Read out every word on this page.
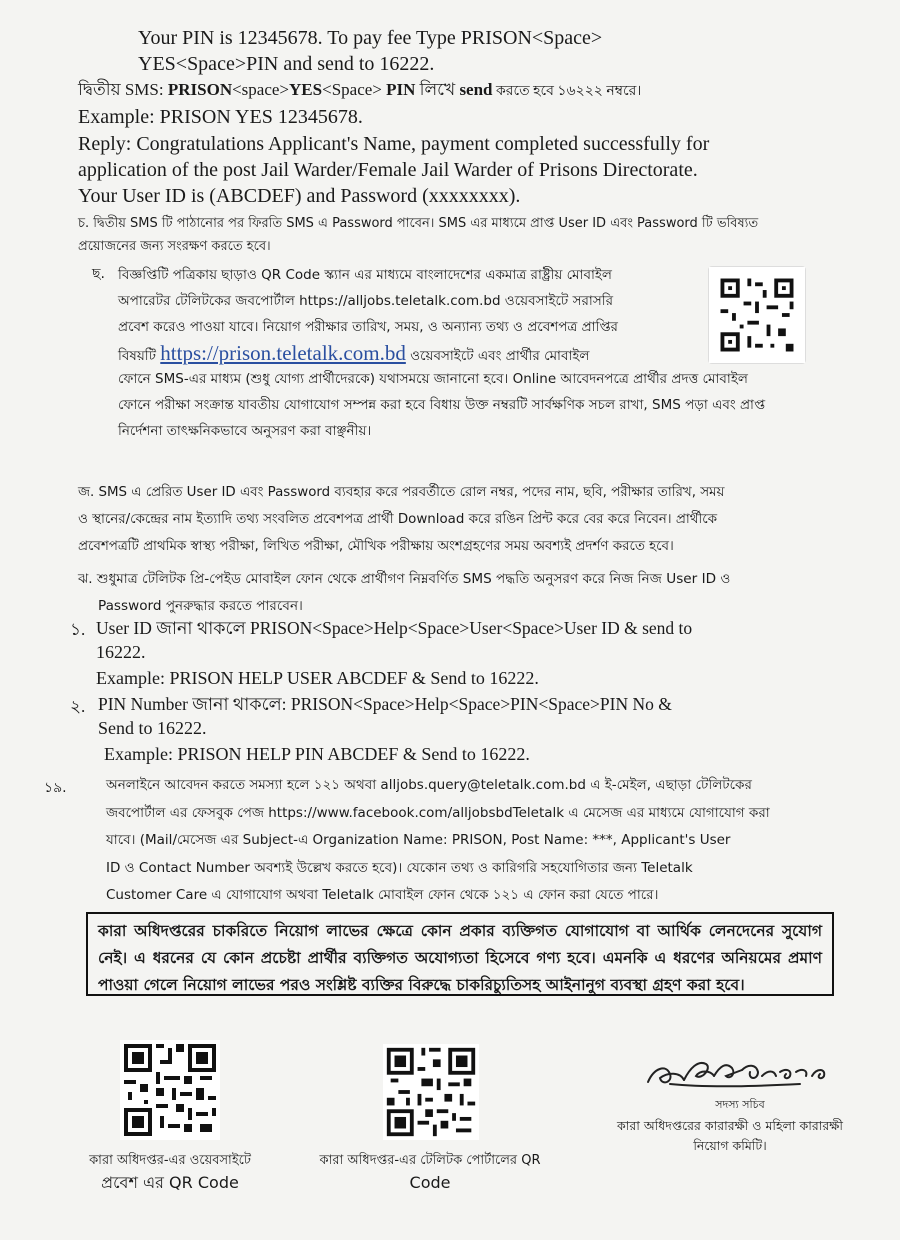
Your PIN is 12345678. To pay fee Type PRISON<Space>
YES<Space>PIN and send to 16222.
দ্বিতীয় SMS: PRISON<space>YES<Space> PIN লিখে send করতে হবে ১৬২২২ নম্বরে।
Example: PRISON YES 12345678.
Reply: Congratulations Applicant's Name, payment completed successfully for
application of the post Jail Warder/Female Jail Warder of Prisons Directorate.
Your User ID is (ABCDEF) and Password (xxxxxxxx).
চ. দ্বিতীয় SMS টি পাঠানোর পর ফিরতি SMS এ Password পাবেন। SMS এর মাধ্যমে প্রাপ্ত User ID এবং Password টি ভবিষ্যত
প্রয়োজনের জন্য সংরক্ষণ করতে হবে।
ছ. বিজ্ঞপ্তিটি পত্রিকায় ছাড়াও QR Code স্ক্যান এর মাধ্যমে বাংলাদেশের একমাত্র রাষ্ট্রীয় মোবাইল
অপারেটর টেলিটকের জবপোর্টাল https://alljobs.teletalk.com.bd ওয়েবসাইটে সরাসরি
প্রবেশ করেও পাওয়া যাবে। নিয়োগ পরীক্ষার তারিখ, সময়, ও অন্যান্য তথ্য ও প্রবেশপত্র প্রাপ্তির
বিষয়টি https://prison.teletalk.com.bd ওয়েবসাইটে এবং প্রার্থীর মোবাইল
ফোনে SMS-এর মাধ্যম (শুধু যোগ্য প্রার্থীদেরকে) যথাসময়ে জানানো হবে। Online আবেদনপত্রে প্রার্থীর প্রদত্ত মোবাইল
ফোনে পরীক্ষা সংক্রান্ত যাবতীয় যোগাযোগ সম্পন্ন করা হবে বিধায় উক্ত নম্বরটি সার্বক্ষণিক সচল রাখা, SMS পড়া এবং প্রাপ্ত
নির্দেশনা তাৎক্ষনিকভাবে অনুসরণ করা বাঞ্ছনীয়।
জ. SMS এ প্রেরিত User ID এবং Password ব্যবহার করে পরবর্তীতে রোল নম্বর, পদের নাম, ছবি, পরীক্ষার তারিখ, সময়
ও স্থানের/কেন্দ্রের নাম ইত্যাদি তথ্য সংবলিত প্রবেশপত্র প্রার্থী Download করে রঙিন প্রিন্ট করে বের করে নিবেন। প্রার্থীকে
প্রবেশপত্রটি প্রাথমিক স্বাস্থ্য পরীক্ষা, লিখিত পরীক্ষা, মৌখিক পরীক্ষায় অংশগ্রহণের সময় অবশ্যই প্রদর্শণ করতে হবে।
ঝ. শুধুমাত্র টেলিটক প্রি-পেইড মোবাইল ফোন থেকে প্রার্থীগণ নিম্নবর্ণিত SMS পদ্ধতি অনুসরণ করে নিজ নিজ User ID ও
Password পুনরুদ্ধার করতে পারবেন।
১. User ID জানা থাকলে PRISON<Space>Help<Space>User<Space>User ID & send to
16222.
Example: PRISON HELP USER ABCDEF & Send to 16222.
২. PIN Number জানা থাকলে: PRISON<Space>Help<Space>PIN<Space>PIN No &
Send to 16222.
Example: PRISON HELP PIN ABCDEF & Send to 16222.
১৯.	অনলাইনে আবেদন করতে সমস্যা হলে ১২১ অথবা alljobs.query@teletalk.com.bd এ ই-মেইল, এছাড়া টেলিটকের
জবপোর্টাল এর ফেসবুক পেজ https://www.facebook.com/alljobsbdTeletalk এ মেসেজ এর মাধ্যমে যোগাযোগ করা
যাবে। (Mail/মেসেজ এর Subject-এ Organization Name: PRISON, Post Name: ***, Applicant's User
ID ও Contact Number অবশ্যই উল্লেখ করতে হবে)। যেকোন তথ্য ও কারিগরি সহযোগিতার জন্য Teletalk
Customer Care এ যোগাযোগ অথবা Teletalk মোবাইল ফোন থেকে ১২১ এ ফোন করা যেতে পারে।
কারা অধিদপ্তরের চাকরিতে নিয়োগ লাভের ক্ষেত্রে কোন প্রকার ব্যক্তিগত যোগাযোগ বা আর্থিক লেনদেনের সুযোগ নেই। এ ধরনের যে কোন প্রচেষ্টা প্রার্থীর ব্যক্তিগত অযোগ্যতা হিসেবে গণ্য হবে। এমনকি এ ধরণের অনিয়মের প্রমাণ পাওয়া গেলে নিয়োগ লাভের পরও সংশ্লিষ্ট ব্যক্তির বিরুদ্ধে চাকরিচ্যুতিসহ আইনানুগ ব্যবস্থা গ্রহণ করা হবে।
কারা অধিদপ্তর-এর ওয়েবসাইটে
প্রবেশ এর QR Code
কারা অধিদপ্তর-এর টেলিটক পোর্টালের QR
Code
সদস্য সচিব
কারা অধিদপ্তরের কারারক্ষী ও মহিলা কারারক্ষী
নিয়োগ কমিটি।
